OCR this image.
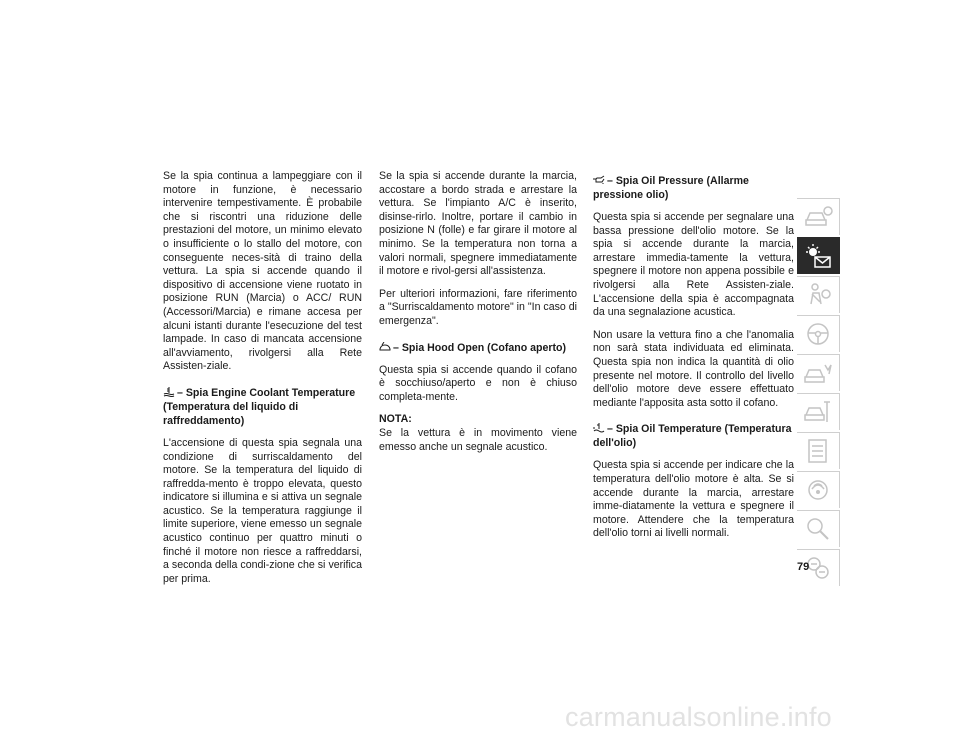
Se la spia continua a lampeggiare con il motore in funzione, è necessario intervenire tempestivamente. È probabile che si riscontri una riduzione delle prestazioni del motore, un minimo elevato o insufficiente o lo stallo del motore, con conseguente neces-sità di traino della vettura. La spia si accende quando il dispositivo di accensione viene ruotato in posizione RUN (Marcia) o ACC/ RUN (Accessori/Marcia) e rimane accesa per alcuni istanti durante l'esecuzione del test lampade. In caso di mancata accensione all'avviamento, rivolgersi alla Rete Assisten-ziale.

– Spia Engine Coolant Temperature (Temperatura del liquido di raffreddamento)

L'accensione di questa spia segnala una condizione di surriscaldamento del motore. Se la temperatura del liquido di raffredda-mento è troppo elevata, questo indicatore si illumina e si attiva un segnale acustico. Se la temperatura raggiunge il limite superiore, viene emesso un segnale acustico continuo per quattro minuti o finché il motore non riesce a raffreddarsi, a seconda della condi-zione che si verifica per prima.

Se la spia si accende durante la marcia, accostare a bordo strada e arrestare la vettura. Se l'impianto A/C è inserito, disinse-rirlo. Inoltre, portare il cambio in posizione N (folle) e far girare il motore al minimo. Se la temperatura non torna a valori normali, spegnere immediatamente il motore e rivol-gersi all'assistenza.

Per ulteriori informazioni, fare riferimento a "Surriscaldamento motore" in "In caso di emergenza".

– Spia Hood Open (Cofano aperto)

Questa spia si accende quando il cofano è socchiuso/aperto e non è chiuso completa-mente.

NOTA:

Se la vettura è in movimento viene emesso anche un segnale acustico.

– Spia Oil Pressure (Allarme pressione olio)

Questa spia si accende per segnalare una bassa pressione dell'olio motore. Se la spia si accende durante la marcia, arrestare immedia-tamente la vettura, spegnere il motore non appena possibile e rivolgersi alla Rete Assisten-ziale. L'accensione della spia è accompagnata da una segnalazione acustica.

Non usare la vettura fino a che l'anomalia non sarà stata individuata ed eliminata. Questa spia non indica la quantità di olio presente nel motore. Il controllo del livello dell'olio motore deve essere effettuato mediante l'apposita asta sotto il cofano.

– Spia Oil Temperature (Temperatura dell'olio)

Questa spia si accende per indicare che la temperatura dell'olio motore è alta. Se si accende durante la marcia, arrestare imme-diatamente la vettura e spegnere il motore. Attendere che la temperatura dell'olio torni ai livelli normali.

79
carmanualsonline.info
